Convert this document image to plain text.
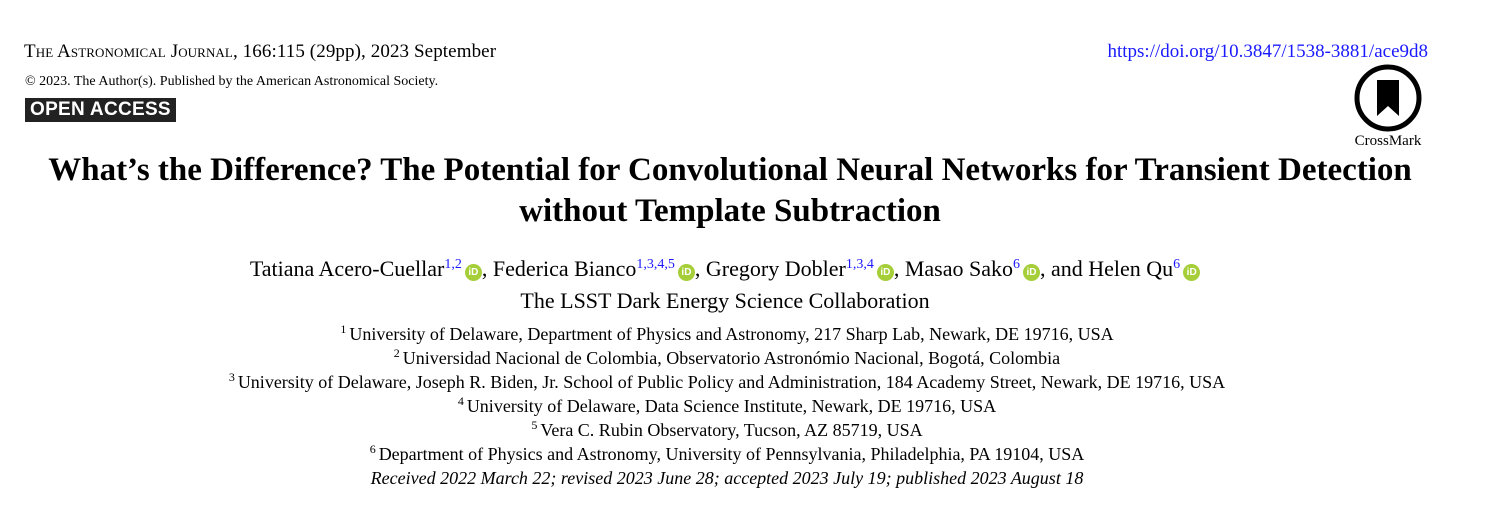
The Astronomical Journal, 166:115 (29pp), 2023 September
© 2023. The Author(s). Published by the American Astronomical Society.
OPEN ACCESS
https://doi.org/10.3847/1538-3881/ace9d8
CrossMark
What’s the Difference? The Potential for Convolutional Neural Networks for Transient Detection without Template Subtraction
Tatiana Acero-Cuellar$^{1,2}$iD , Federica Bianco$^{1,3,4,5}$iD , Gregory Dobler$^{1,3,4}$iD , Masao Sako$^6$iD , and Helen Qu$^6$iD
The LSST Dark Energy Science Collaboration
$^1$ University of Delaware, Department of Physics and Astronomy, 217 Sharp Lab, Newark, DE 19716, USA
$^2$ Universidad Nacional de Colombia, Observatorio Astronómio Nacional, Bogotá, Colombia
$^3$ University of Delaware, Joseph R. Biden, Jr. School of Public Policy and Administration, 184 Academy Street, Newark, DE 19716, USA
$^4$ University of Delaware, Data Science Institute, Newark, DE 19716, USA
$^5$ Vera C. Rubin Observatory, Tucson, AZ 85719, USA
$^6$ Department of Physics and Astronomy, University of Pennsylvania, Philadelphia, PA 19104, USA
Received 2022 March 22; revised 2023 June 28; accepted 2023 July 19; published 2023 August 18
